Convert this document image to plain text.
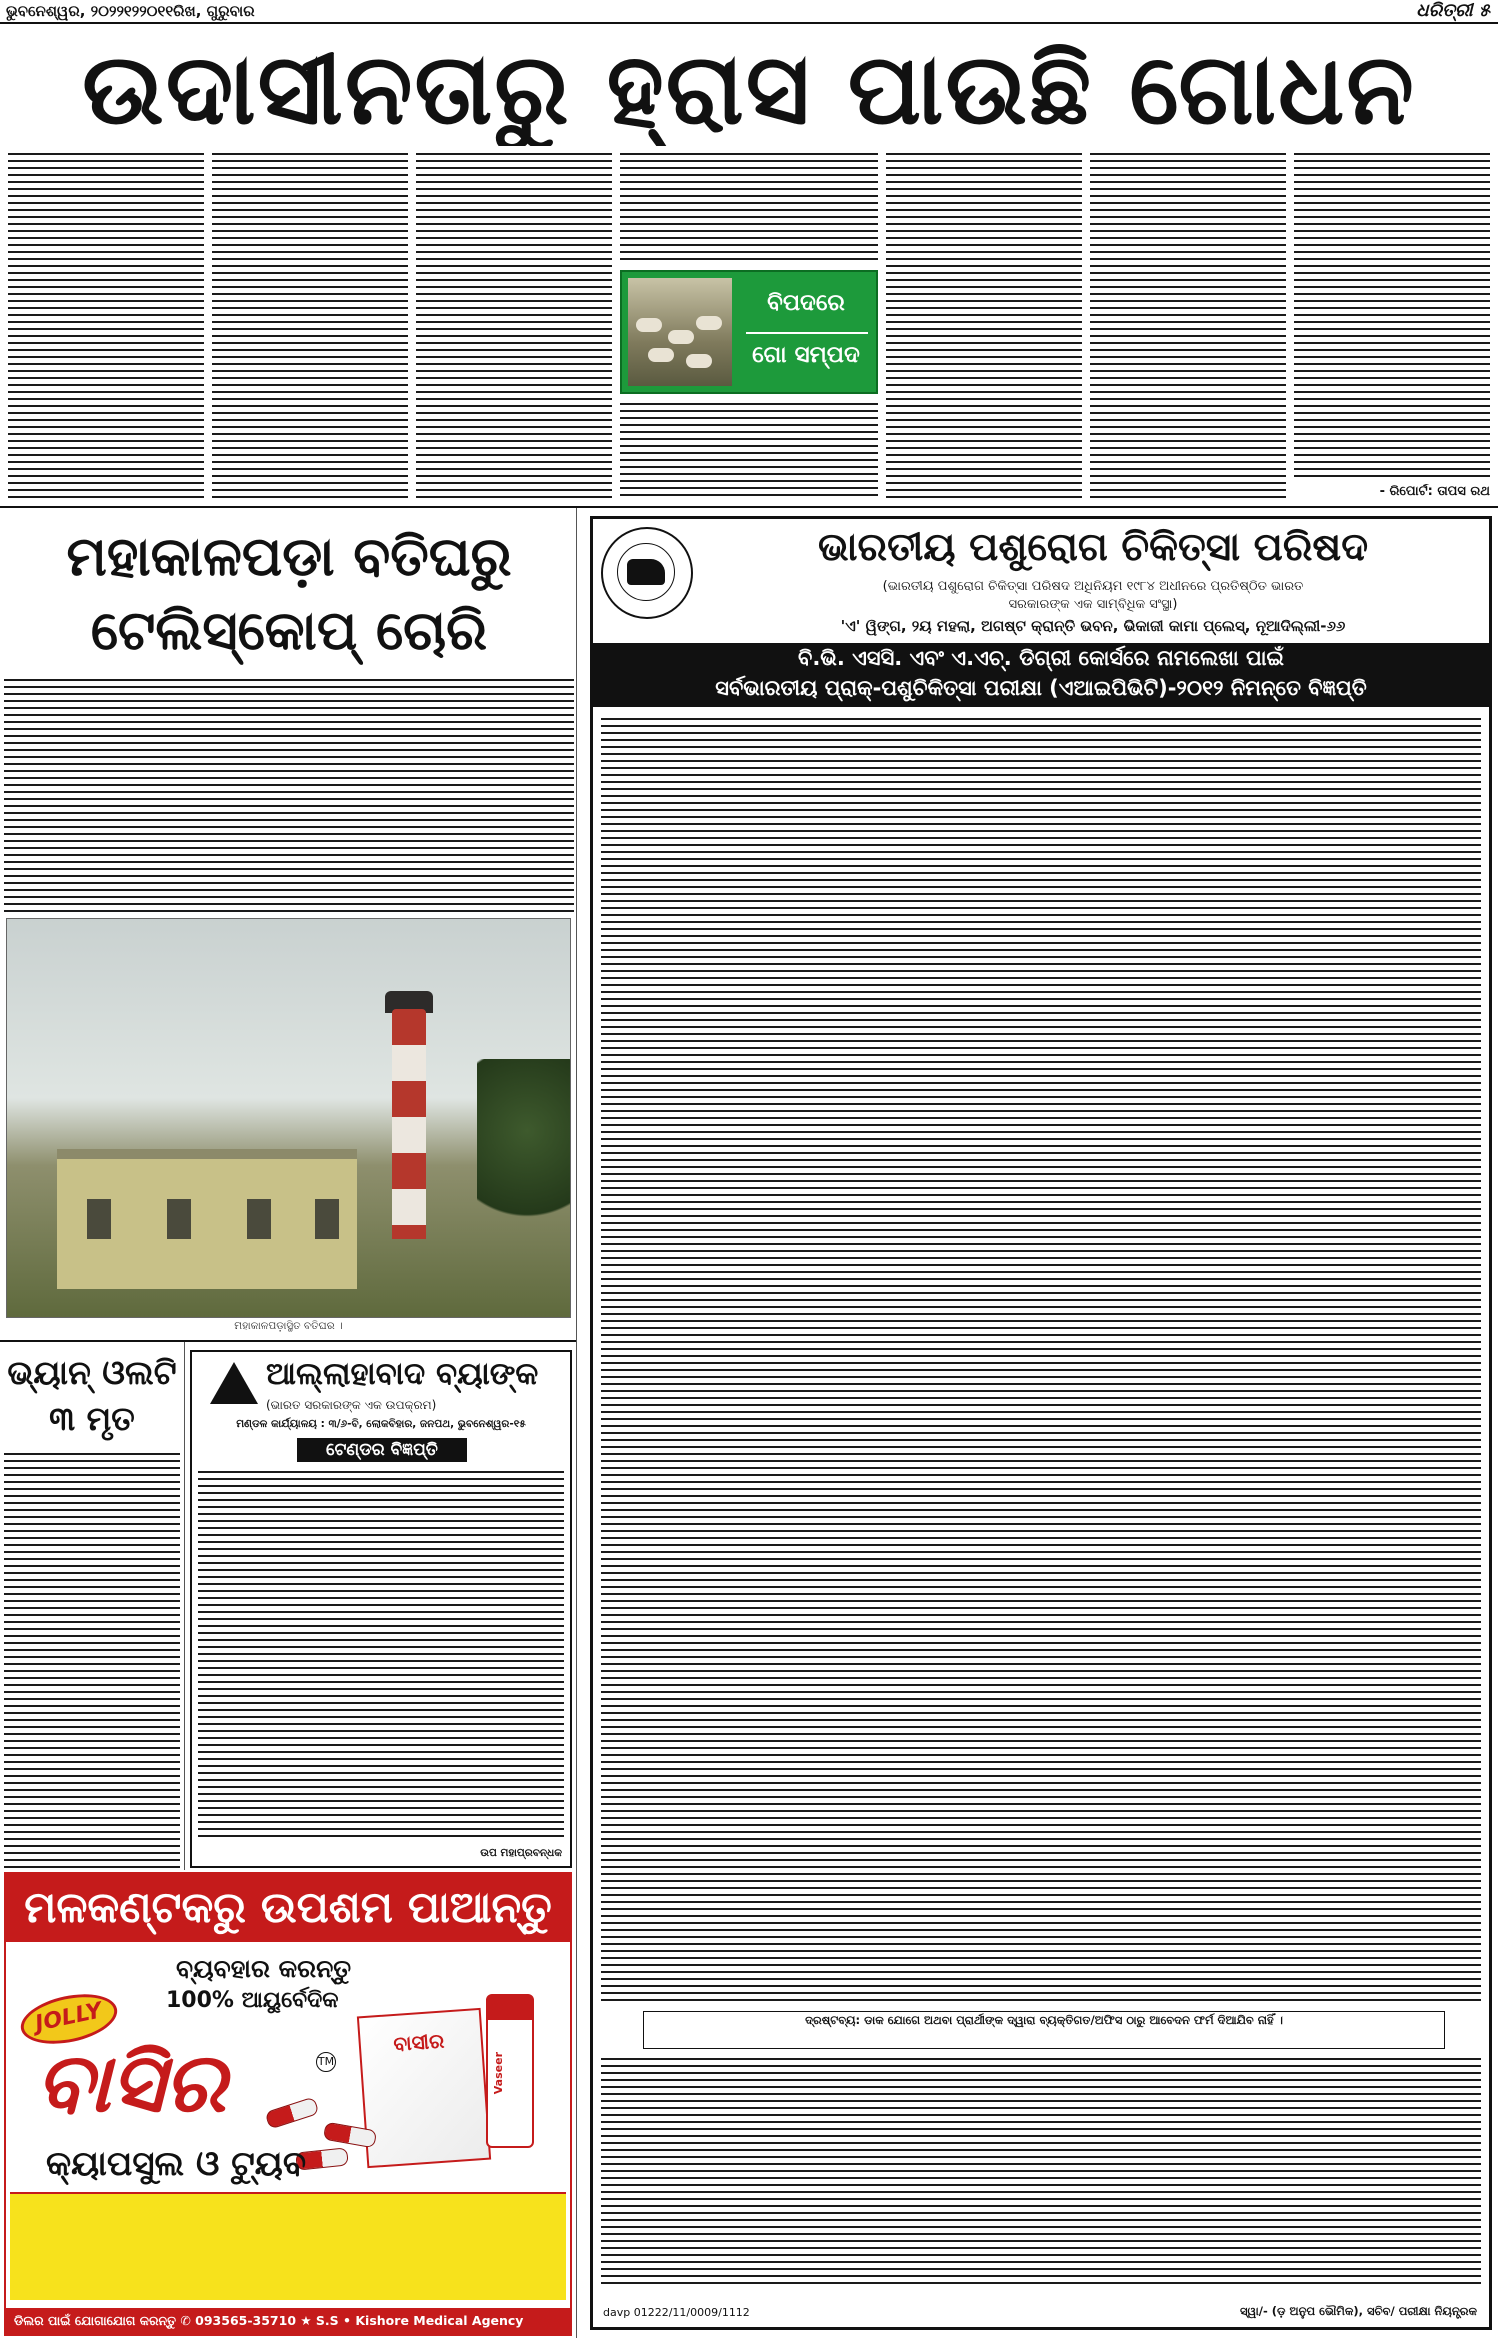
ଭୁବନେଶ୍ୱର, ୨୦୨୨୧୨୨୦୧୧ରିଖ, ଗୁରୁବାର	ଧରିତ୍ରୀ ୫
ଉଦାସୀନତାରୁ ହ୍ରାସ ପାଉଛି ଗୋଧନ
ବିପଦରେ
ଗୋ ସମ୍ପଦ
- ରିପୋର୍ଟ: ତାପସ ରଥ
ମହାକାଳପଡ଼ା ବତିଘରୁ ଟେଲିସ୍କୋପ୍ ଚୋରି
ମହାକାଳପଡ଼ାସ୍ଥିତ ବତିଘର ।
ଭ୍ୟାନ୍ ଓଲଟି ୩ ମୃତ
ଆଲ୍ଲାହାବାଦ ବ୍ୟାଙ୍କ
(ଭାରତ ସରକାରଙ୍କ ଏକ ଉପକ୍ରମ)
ମଣ୍ଡଳ କାର୍ଯ୍ୟାଳୟ : ୩/୬-ବି, ଲୋକବିହାର, ଜନପଥ, ଭୁବନେଶ୍ୱର-୧୫
ଟେଣ୍ଡର ବିଜ୍ଞପ୍ତି
ଉପ ମହାପ୍ରବନ୍ଧକ
ମଳକଣ୍ଟକରୁ ଉପଶମ ପାଆନ୍ତୁ
ବ୍ୟବହାର କରନ୍ତୁ
100% ଆୟୁର୍ବେଦିକ
JOLLY
ବାସିର	TM
ବାସୀର
Vaseer
କ୍ୟାପସୁଲ ଓ ଟ୍ୟୁବ
ଡିଲର ପାଇଁ ଯୋଗାଯୋଗ କରନ୍ତୁ ✆ 093565-35710 ★ S.S • Kishore Medical Agency
ଭାରତୀୟ ପଶୁରୋଗ ଚିକିତ୍ସା ପରିଷଦ
(ଭାରତୀୟ ପଶୁରୋଗ ଚିକିତ୍ସା ପରିଷଦ ଅଧିନିୟମ ୧୯୮୪ ଅଧୀନରେ ପ୍ରତିଷ୍ଠିତ ଭାରତ
ସରକାରଙ୍କ ଏକ ସାମ୍ବିଧିକ ସଂସ୍ଥା)
'ଏ' ୱିଙ୍ଗ, ୨ୟ ମହଲା, ଅଗଷ୍ଟ କ୍ରାନ୍ତି ଭବନ, ଭିକାଜୀ କାମା ପ୍ଲେସ୍, ନୂଆଦିଲ୍ଲୀ-୬୬
ବି.ଭି. ଏସସି. ଏବଂ ଏ.ଏଚ୍. ଡିଗ୍ରୀ କୋର୍ସରେ ନାମଲେଖା ପାଇଁ
ସର୍ବଭାରତୀୟ ପ୍ରାକ୍-ପଶୁଚିକିତ୍ସା ପରୀକ୍ଷା (ଏଆଇପିଭିଟି)-୨୦୧୨ ନିମନ୍ତେ ବିଜ୍ଞପ୍ତି
ଦ୍ରଷ୍ଟବ୍ୟ: ଡାକ ଯୋଗେ ଅଥବା ପ୍ରାର୍ଥୀଙ୍କ ଦ୍ୱାରା ବ୍ୟକ୍ତିଗତ/ଅଫିସ ଠାରୁ ଆବେଦନ ଫର୍ମ ଦିଆଯିବ ନାହିଁ ।
davp 01222/11/0009/1112	ସ୍ୱା/- (ଡ଼ ଅନୁପ ଭୌମିକ), ସଚିବ/ ପରୀକ୍ଷା ନିୟନ୍ତ୍ରକ
